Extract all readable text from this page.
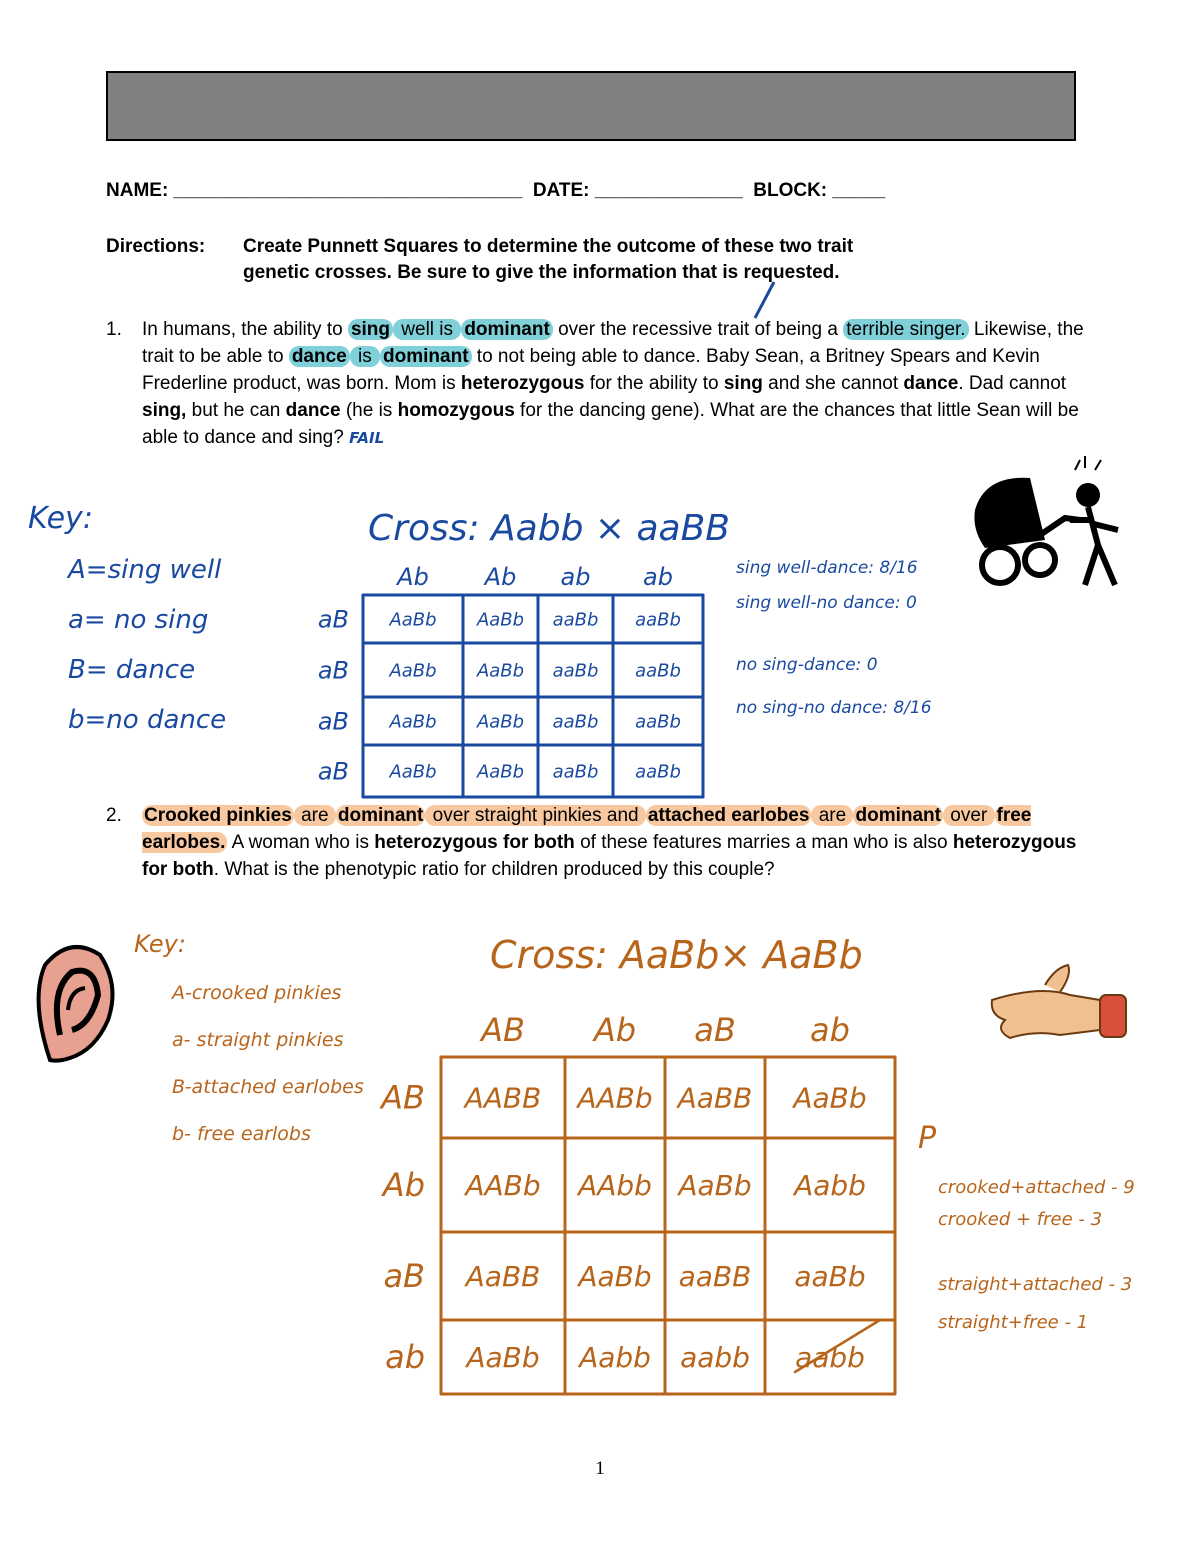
NAME: _________________________________ DATE: ______________ BLOCK: _____
Directions: Create Punnett Squares to determine the outcome of these two trait
genetic crosses. Be sure to give the information that is requested.
1. In humans, the ability to sing well is dominant over the recessive trait of being a terrible singer. Likewise, the trait to be able to dance is dominant to not being able to dance. Baby Sean, a Britney Spears and Kevin Frederline product, was born. Mom is heterozygous for the ability to sing and she cannot dance. Dad cannot sing, but he can dance (he is homozygous for the dancing gene). What are the chances that little Sean will be able to dance and sing? FAIL
2. Crooked pinkies are dominant over straight pinkies and attached earlobes are dominant over free earlobes. A woman who is heterozygous for both of these features marries a man who is also heterozygous for both. What is the phenotypic ratio for children produced by this couple?
Key:
A=sing well
a= no sing
B= dance
b=no dance
Cross: Aabb × aaBB
Ab Ab ab ab
aB
aB
aB
aB
AaBb AaBb aaBb aaBb
AaBb AaBb aaBb aaBb
AaBb AaBb aaBb aaBb
AaBb AaBb aaBb aaBb
sing well-dance: 8/16
sing well-no dance: 0
no sing-dance: 0
no sing-no dance: 8/16
Key:
A-crooked pinkies
a- straight pinkies
B-attached earlobes
b- free earlobs
Cross: AaBb× AaBb
AB Ab aB ab
AB
Ab
aB
ab
AABB AABb AaBB AaBb
AABb AAbb AaBb Aabb
AaBB AaBb aaBB aaBb
AaBb Aabb aabb aabb
crooked+attached - 9
crooked + free - 3
straight+attached - 3
straight+free - 1
P
1
